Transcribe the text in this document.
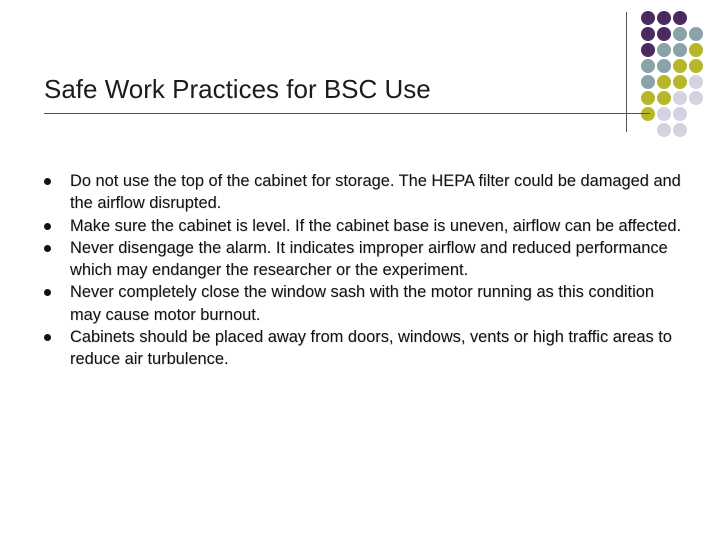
Safe Work Practices for BSC Use
Do not use the top of the cabinet for storage. The HEPA filter could be damaged and the airflow disrupted.
Make sure the cabinet is level. If the cabinet base is uneven, airflow can be affected.
Never disengage the alarm. It indicates improper airflow and reduced performance which may endanger the researcher or the experiment.
Never completely close the window sash with the motor running as this condition may cause motor burnout.
Cabinets should be placed away from doors, windows, vents or high traffic areas to reduce air turbulence.
